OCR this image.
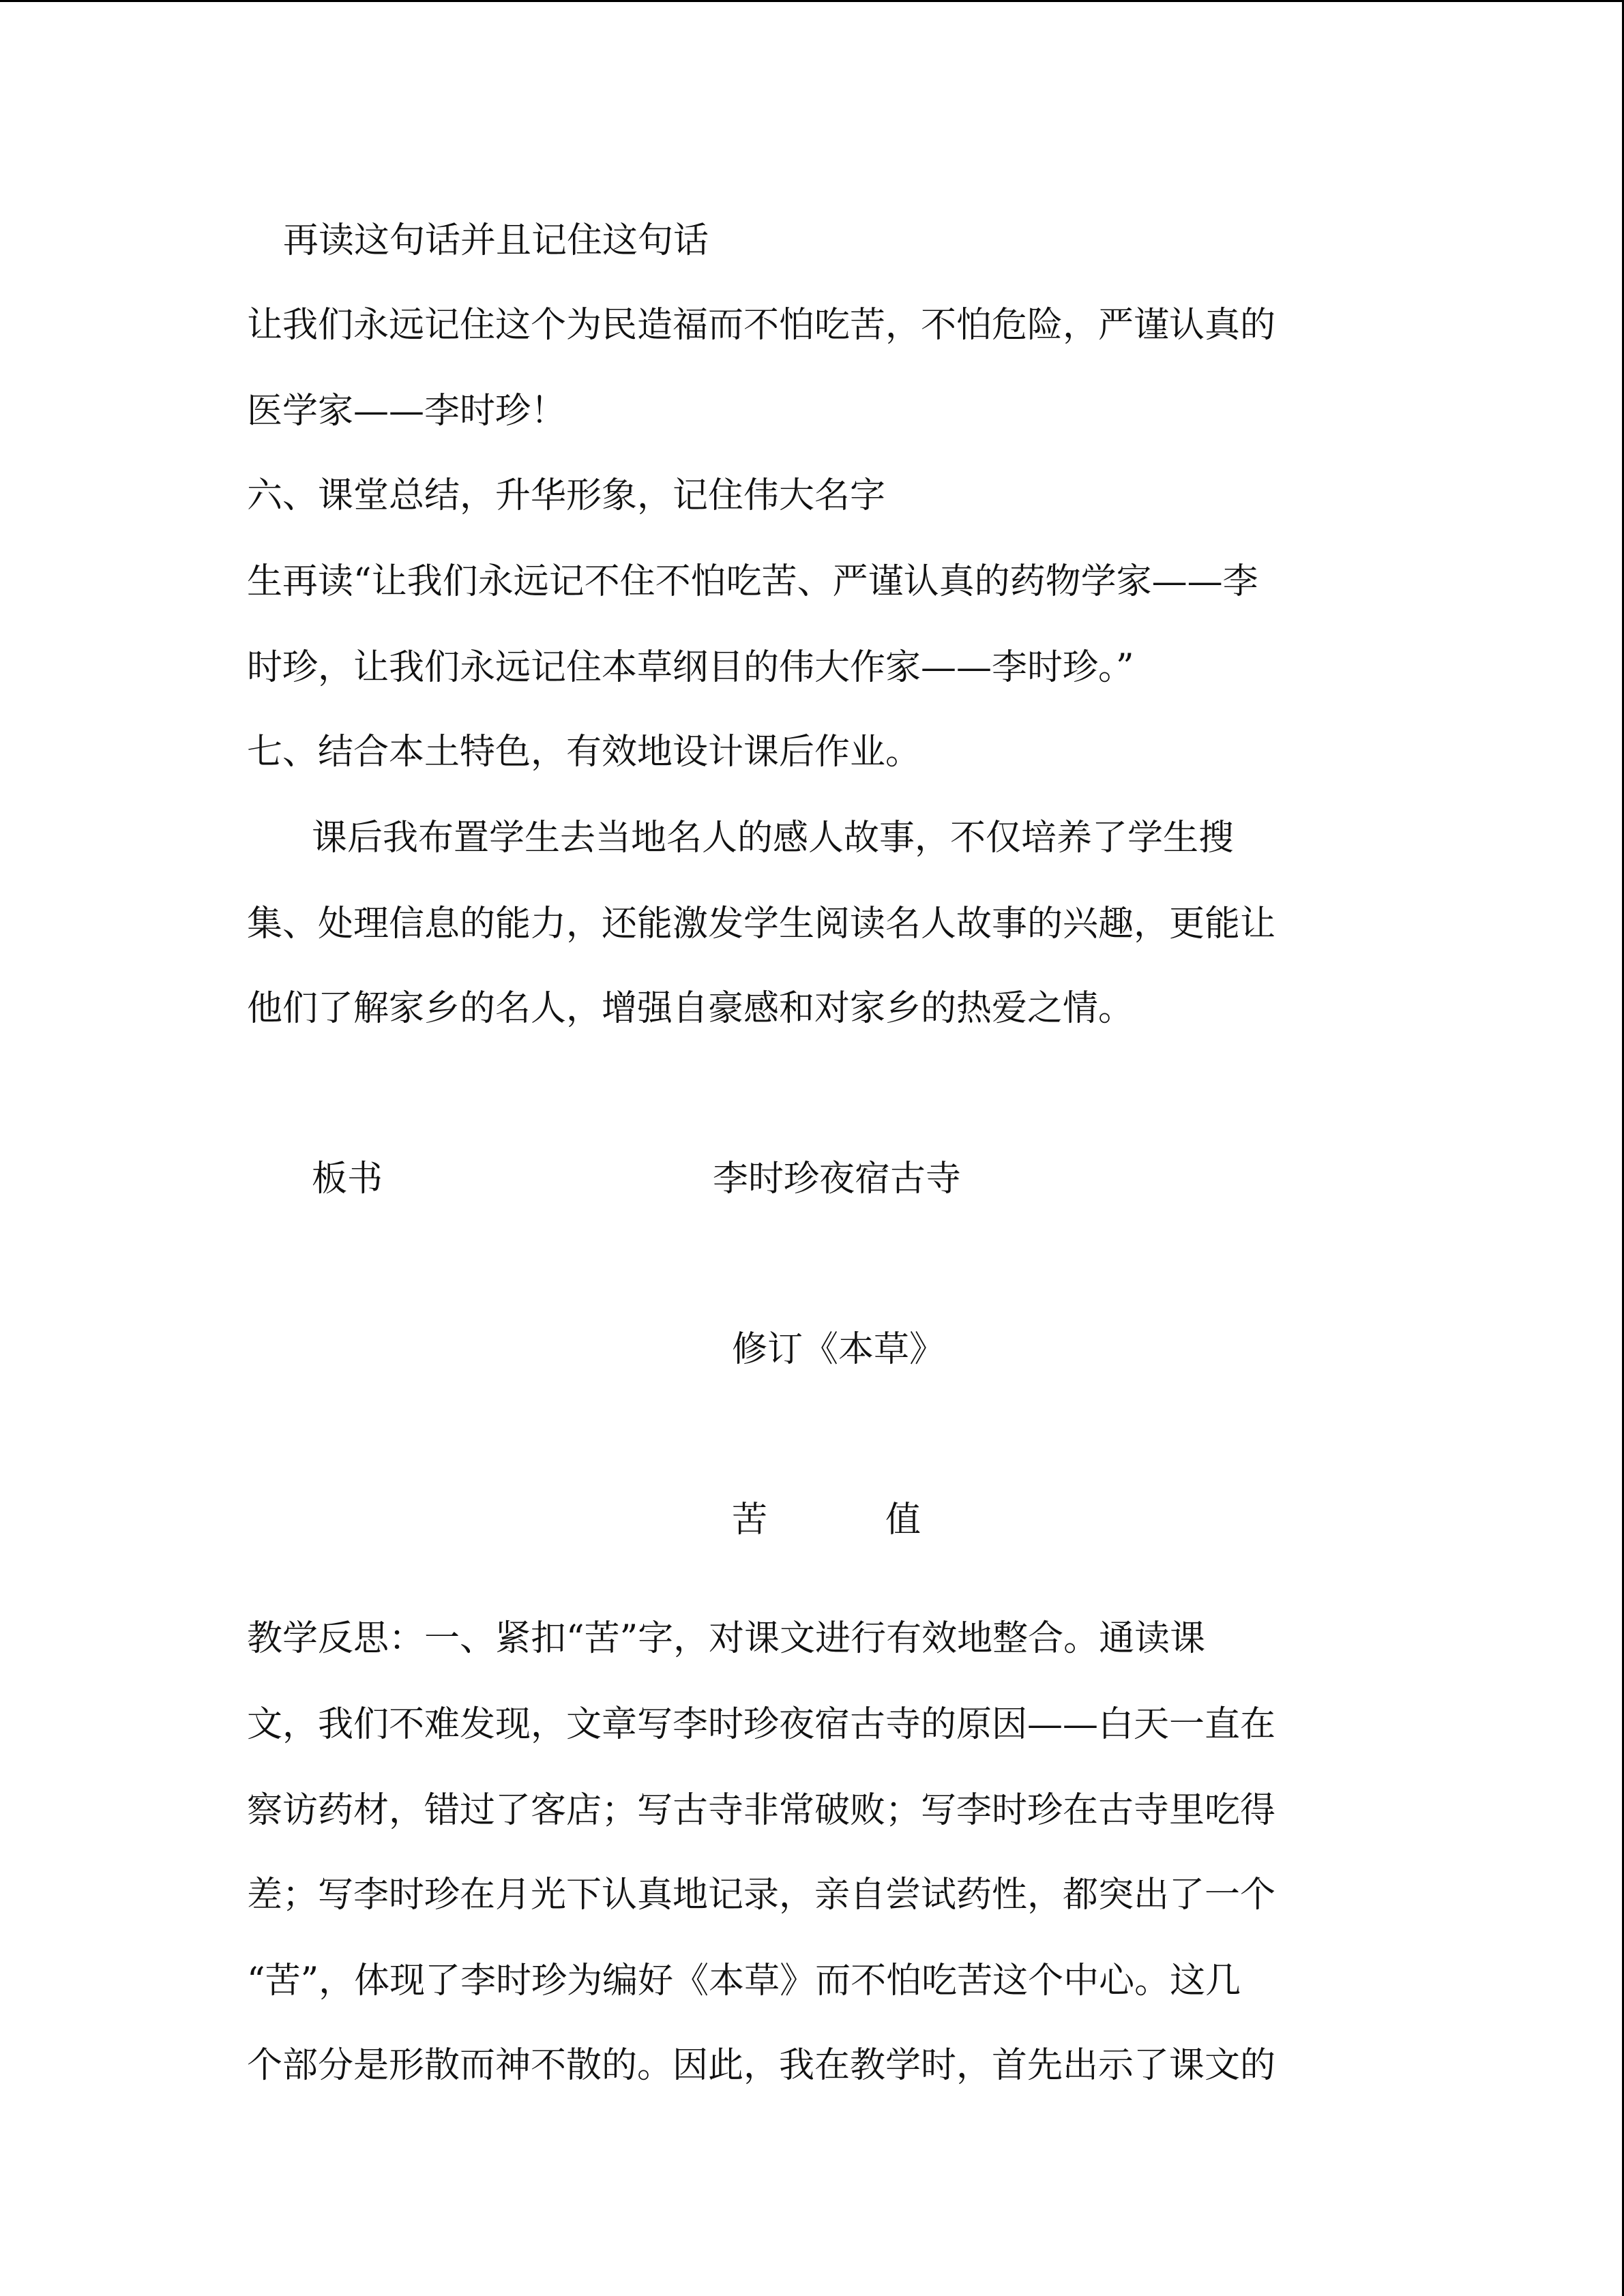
再读这句话并且记住这句话
让我们永远记住这个为民造福而不怕吃苦，不怕危险，严谨认真的
医学家——李时珍！
六、课堂总结，升华形象，记住伟大名字
生再读“让我们永远记不住不怕吃苦、严谨认真的药物学家——李
时珍，让我们永远记住本草纲目的伟大作家——李时珍。”
七、结合本土特色，有效地设计课后作业。
课后我布置学生去当地名人的感人故事，不仅培养了学生搜
集、处理信息的能力，还能激发学生阅读名人故事的兴趣，更能让
他们了解家乡的名人，增强自豪感和对家乡的热爱之情。
板书	李时珍夜宿古寺
修订《本草》
苦	值
教学反思：一、紧扣“苦”字，对课文进行有效地整合。通读课
文，我们不难发现，文章写李时珍夜宿古寺的原因——白天一直在
察访药材，错过了客店；写古寺非常破败；写李时珍在古寺里吃得
差；写李时珍在月光下认真地记录，亲自尝试药性，都突出了一个
“苦”，体现了李时珍为编好《本草》而不怕吃苦这个中心。这几
个部分是形散而神不散的。因此，我在教学时，首先出示了课文的
